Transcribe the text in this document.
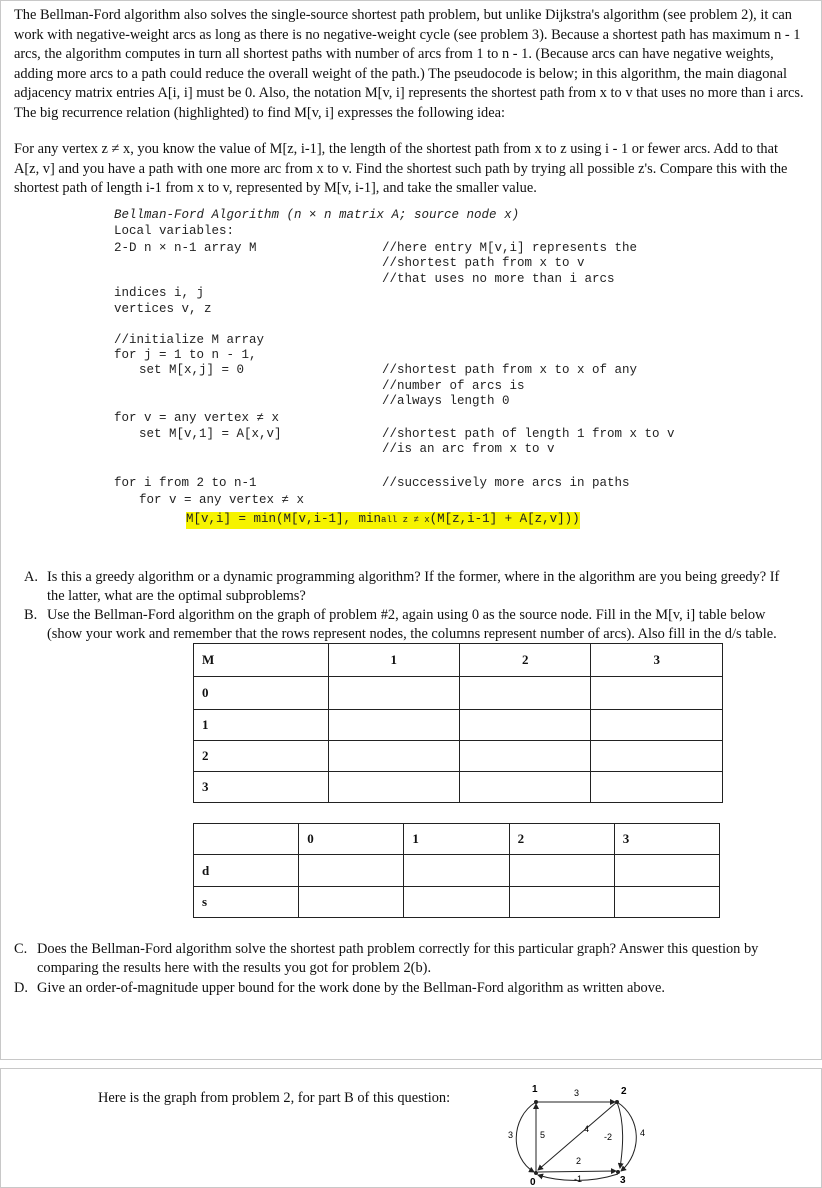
The Bellman-Ford algorithm also solves the single-source shortest path problem, but unlike Dijkstra's algorithm (see problem 2), it can work with negative-weight arcs as long as there is no negative-weight cycle (see problem 3). Because a shortest path has maximum n - 1 arcs, the algorithm computes in turn all shortest paths with number of arcs from 1 to n - 1. (Because arcs can have negative weights, adding more arcs to a path could reduce the overall weight of the path.) The pseudocode is below; in this algorithm, the main diagonal adjacency matrix entries A[i, i] must be 0. Also, the notation M[v, i] represents the shortest path from x to v that uses no more than i arcs. The big recurrence relation (highlighted) to find M[v, i] expresses the following idea:

For any vertex z ≠ x, you know the value of M[z, i-1], the length of the shortest path from x to z using i - 1 or fewer arcs. Add to that A[z, v] and you have a path with one more arc from x to v. Find the shortest such path by trying all possible z's. Compare this with the shortest path of length i-1 from x to v, represented by M[v, i-1], and take the smaller value.

Bellman-Ford Algorithm (n × n matrix A; source node x)
Local variables:
2-D n × n-1 array M	//here entry M[v,i] represents the
//shortest path from x to v
//that uses no more than i arcs
indices i, j
vertices v, z
//initialize M array
for j = 1 to n - 1,
set M[x,j] = 0	//shortest path from x to x of any
//number of arcs is
//always length 0
for v = any vertex ≠ x
set M[v,1] = A[x,v]	//shortest path of length 1 from x to v
//is an arc from x to v
for i from 2 to n-1	//successively more arcs in paths
for v = any vertex ≠ x
M[v,i] = min(M[v,i-1], minall z ≠ x(M[z,i-1] + A[z,v]))
A. Is this a greedy algorithm or a dynamic programming algorithm? If the former, where in the algorithm are you being greedy? If
the latter, what are the optimal subproblems?
B. Use the Bellman-Ford algorithm on the graph of problem #2, again using 0 as the source node. Fill in the M[v, i] table below
(show your work and remember that the rows represent nodes, the columns represent number of arcs). Also fill in the d/s table.
M	1	2	3
0			
1			
2			
3			
	0	1	2	3
d				
s				
C. Does the Bellman-Ford algorithm solve the shortest path problem correctly for this particular graph? Answer this question by
comparing the results here with the results you got for problem 2(b).
D. Give an order-of-magnitude upper bound for the work done by the Bellman-Ford algorithm as written above.
Here is the graph from problem 2, for part B of this question:
1	2
0	3
3
3	5
4
-2	4
2
-1
